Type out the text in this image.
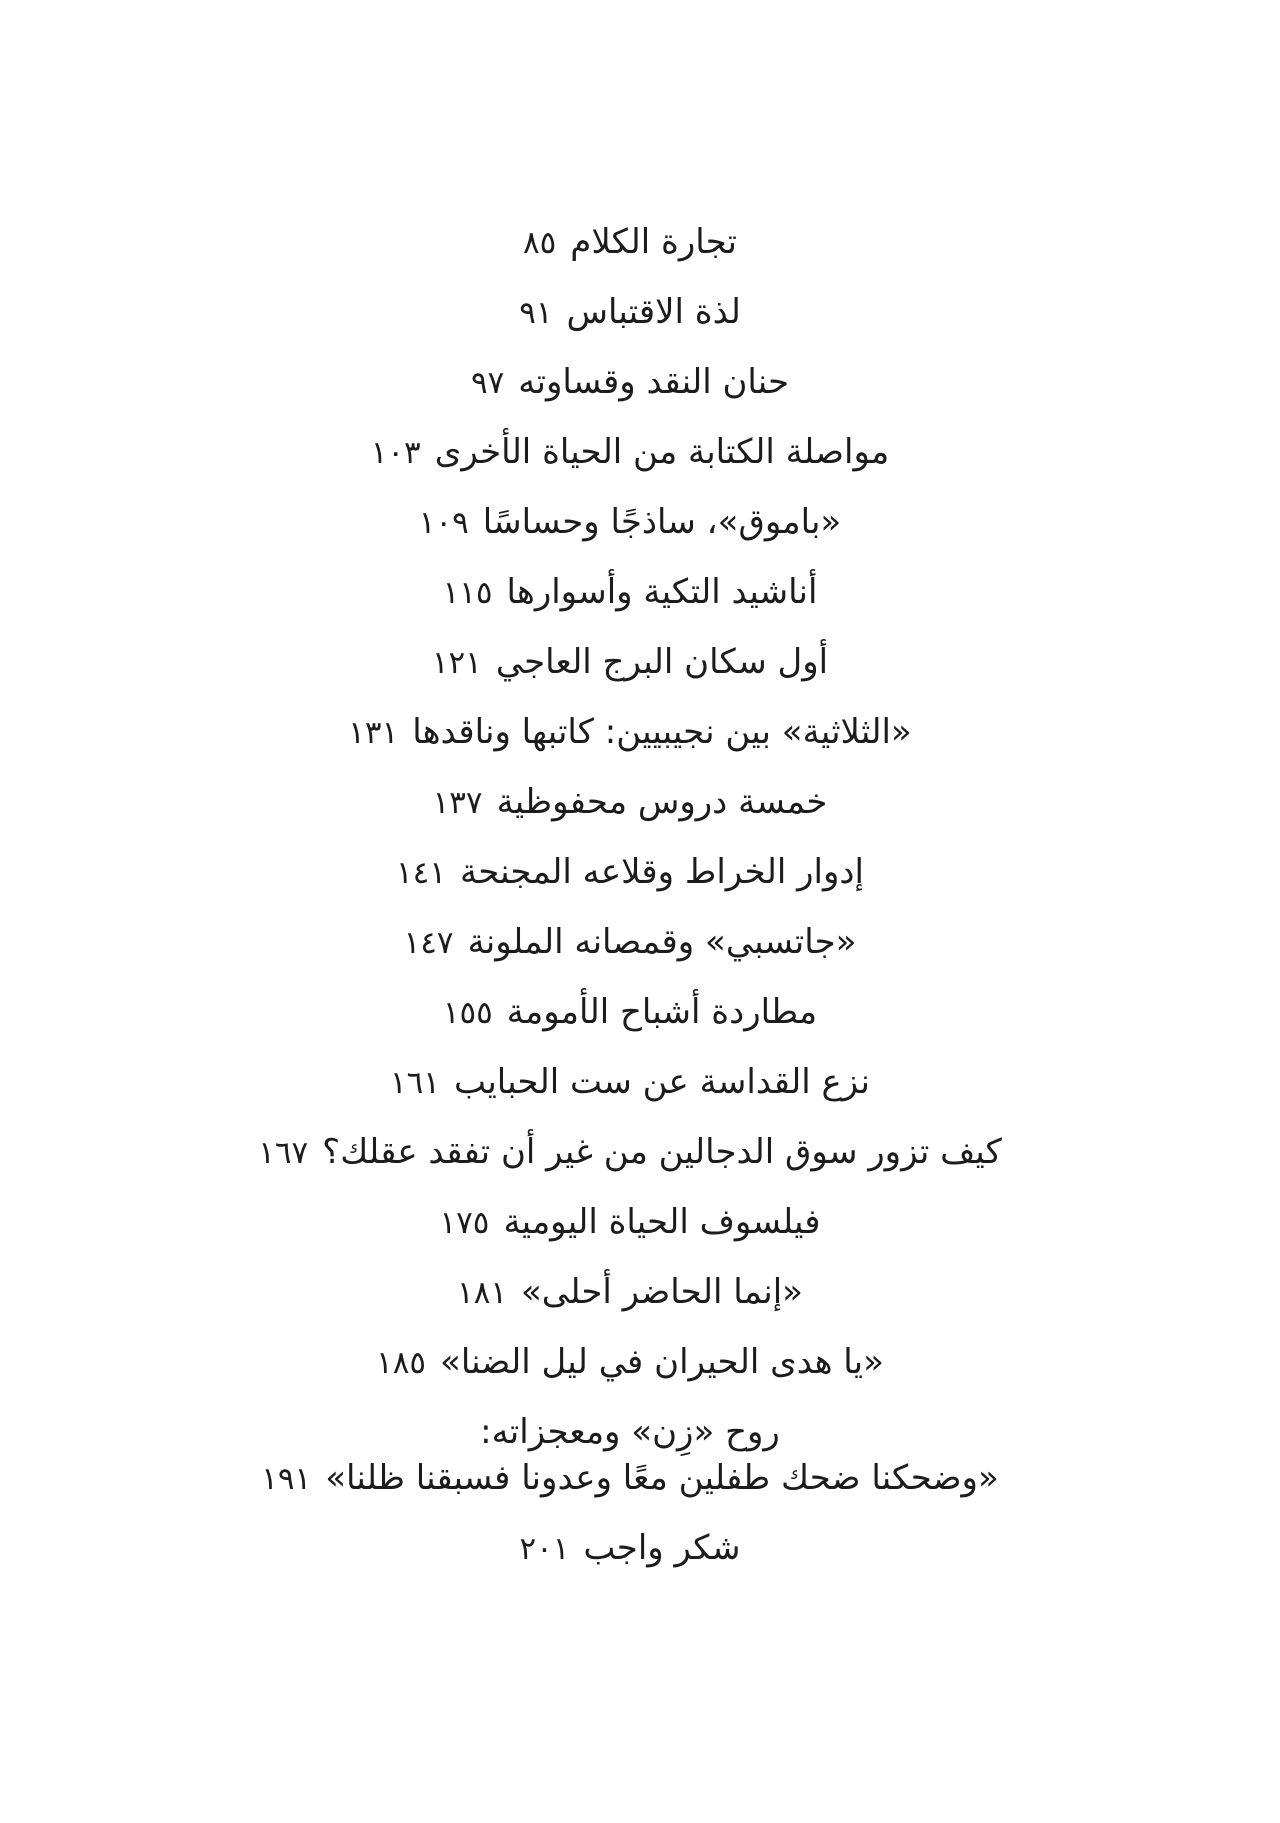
تجارة الكلام٨٥
لذة الاقتباس٩١
حنان النقد وقساوته٩٧
مواصلة الكتابة من الحياة الأخرى١٠٣
«باموق»، ساذجًا وحساسًا١٠٩
أناشيد التكية وأسوارها١١٥
أول سكان البرج العاجي١٢١
«الثلاثية» بين نجيبيين: كاتبها وناقدها١٣١
خمسة دروس محفوظية١٣٧
إدوار الخراط وقلاعه المجنحة١٤١
«جاتسبي» وقمصانه الملونة١٤٧
مطاردة أشباح الأمومة١٥٥
نزع القداسة عن ست الحبايب١٦١
كيف تزور سوق الدجالين من غير أن تفقد عقلك؟١٦٧
فيلسوف الحياة اليومية١٧٥
«إنما الحاضر أحلى»١٨١
«يا هدى الحيران في ليل الضنا»١٨٥
روح «زِن» ومعجزاته:
«وضحكنا ضحك طفلين معًا وعدونا فسبقنا ظلنا»١٩١
شكر واجب٢٠١
